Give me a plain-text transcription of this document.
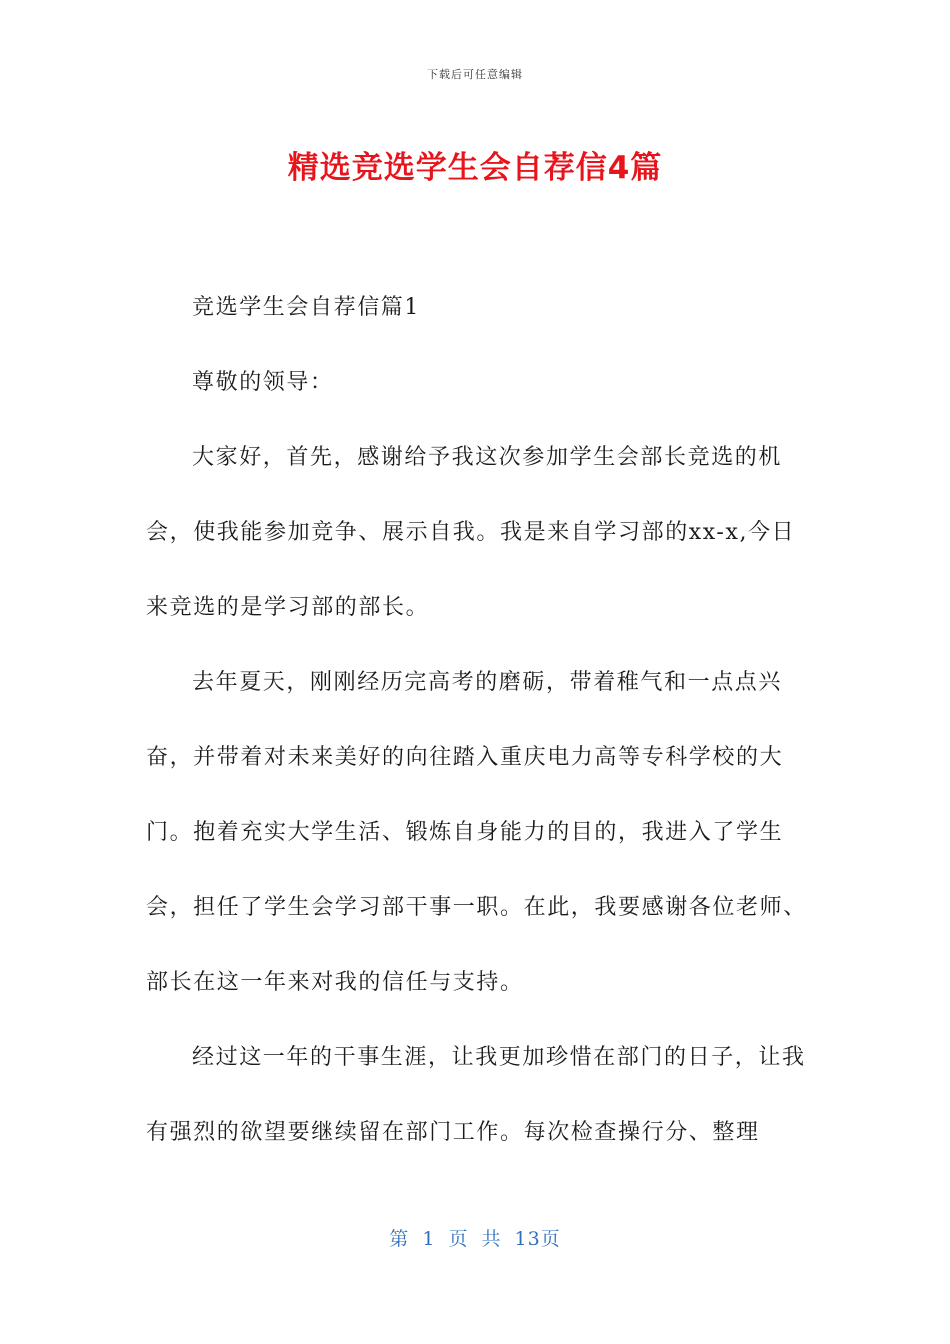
下载后可任意编辑
精选竞选学生会自荐信4篇

竞选学生会自荐信篇1

尊敬的领导：

大家好，首先，感谢给予我这次参加学生会部长竞选的机会，使我能参加竞争、展示自我。我是来自学习部的xx-x,今日来竞选的是学习部的部长。

去年夏天，刚刚经历完高考的磨砺，带着稚气和一点点兴奋，并带着对未来美好的向往踏入重庆电力高等专科学校的大门。抱着充实大学生活、锻炼自身能力的目的，我进入了学生会，担任了学生会学习部干事一职。在此，我要感谢各位老师、部长在这一年来对我的信任与支持。

经过这一年的干事生涯，让我更加珍惜在部门的日子，让我有强烈的欲望要继续留在部门工作。每次检查操行分、整理

第 1 页 共 13页
